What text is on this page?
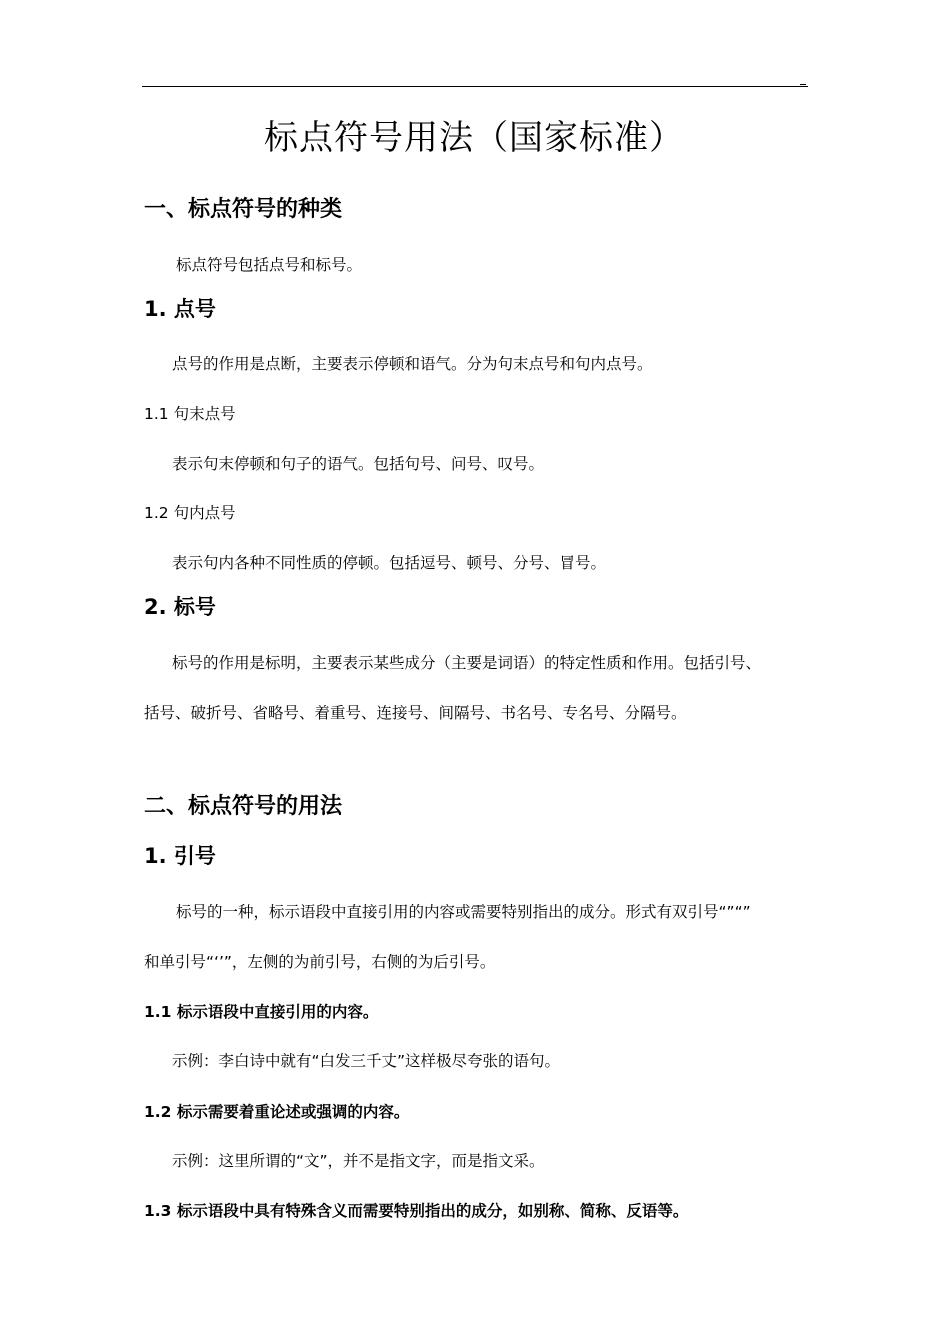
标点符号用法（国家标准）
一、标点符号的种类
标点符号包括点号和标号。
1. 点号
点号的作用是点断，主要表示停顿和语气。分为句末点号和句内点号。
1.1 句末点号
表示句末停顿和句子的语气。包括句号、问号、叹号。
1.2 句内点号
表示句内各种不同性质的停顿。包括逗号、顿号、分号、冒号。
2. 标号
标号的作用是标明，主要表示某些成分（主要是词语）的特定性质和作用。包括引号、
括号、破折号、省略号、着重号、连接号、间隔号、书名号、专名号、分隔号。
二、标点符号的用法
1. 引号
标号的一种，标示语段中直接引用的内容或需要特别指出的成分。形式有双引号“”“”
和单引号“‘’”，左侧的为前引号，右侧的为后引号。
1.1 标示语段中直接引用的内容。
示例：李白诗中就有“白发三千丈”这样极尽夸张的语句。
1.2 标示需要着重论述或强调的内容。
示例：这里所谓的“文”，并不是指文字，而是指文采。
1.3 标示语段中具有特殊含义而需要特别指出的成分，如别称、简称、反语等。
